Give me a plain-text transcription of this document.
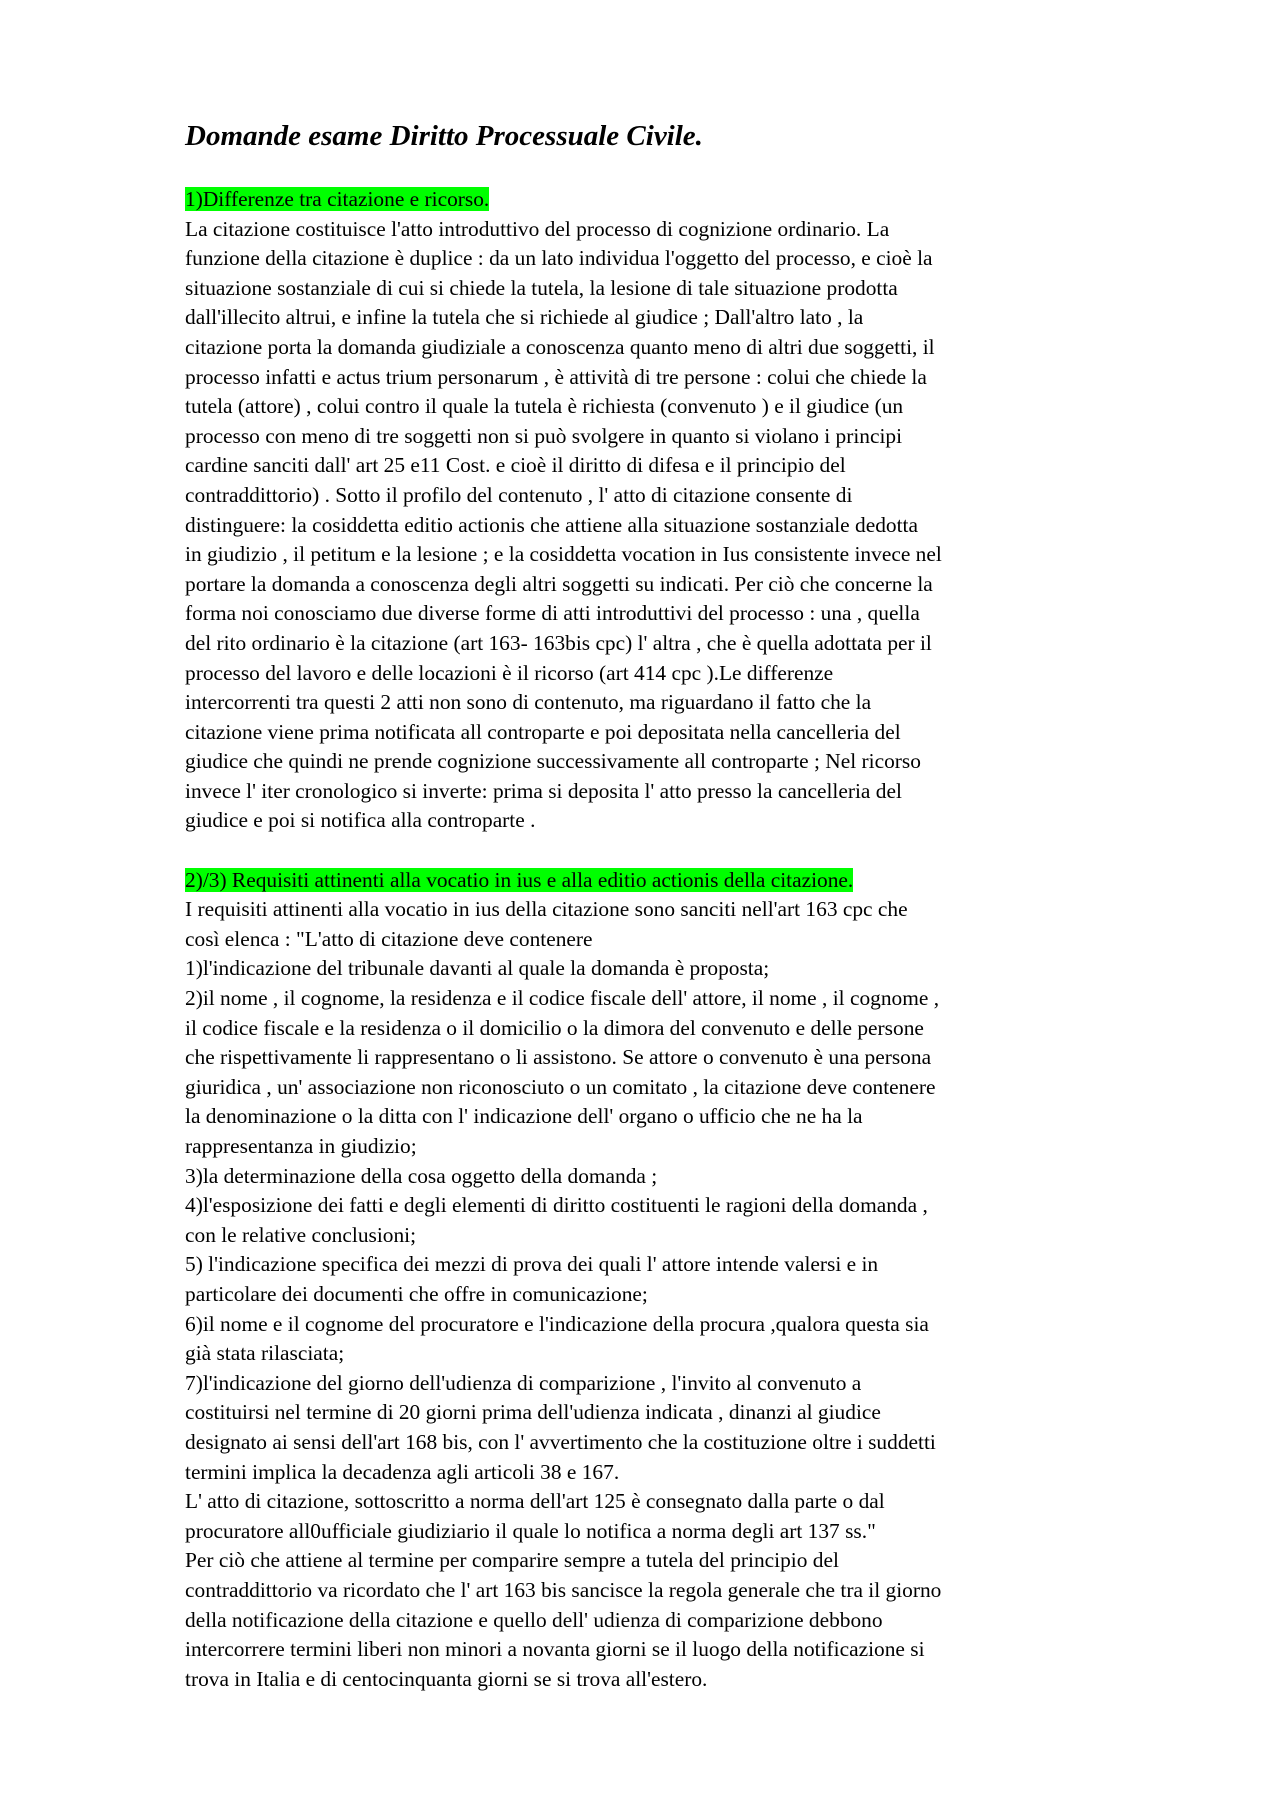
Domande esame Diritto Processuale Civile.
1)Differenze tra citazione e ricorso.
La citazione costituisce l'atto introduttivo del processo di cognizione ordinario. La
funzione della citazione è duplice : da un lato individua l'oggetto del processo, e cioè la
situazione sostanziale di cui si chiede la tutela, la lesione di tale situazione prodotta
dall'illecito altrui, e infine la tutela che si richiede al giudice ; Dall'altro lato , la
citazione porta la domanda giudiziale a conoscenza quanto meno di altri due soggetti, il
processo infatti e actus trium personarum , è attività di tre persone : colui che chiede la
tutela (attore) , colui contro il quale la tutela è richiesta (convenuto ) e il giudice (un
processo con meno di tre soggetti non si può svolgere in quanto si violano i principi
cardine sanciti dall' art 25 e11 Cost. e cioè il diritto di difesa e il principio del
contraddittorio) . Sotto il profilo del contenuto , l' atto di citazione consente di
distinguere: la cosiddetta editio actionis che attiene alla situazione sostanziale dedotta
in giudizio , il petitum e la lesione ; e la cosiddetta vocation in Ius consistente invece nel
portare la domanda a conoscenza degli altri soggetti su indicati. Per ciò che concerne la
forma noi conosciamo due diverse forme di atti introduttivi del processo : una , quella
del rito ordinario è la citazione (art 163- 163bis cpc) l' altra , che è quella adottata per il
processo del lavoro e delle locazioni è il ricorso (art 414 cpc ).Le differenze
intercorrenti tra questi 2 atti non sono di contenuto, ma riguardano il fatto che la
citazione viene prima notificata all controparte e poi depositata nella cancelleria del
giudice che quindi ne prende cognizione successivamente all controparte ; Nel ricorso
invece l' iter cronologico si inverte: prima si deposita l' atto presso la cancelleria del
giudice e poi si notifica alla controparte .
2)/3) Requisiti attinenti alla vocatio in ius e alla editio actionis della citazione.
I requisiti attinenti alla vocatio in ius della citazione sono sanciti nell'art 163 cpc che
così elenca : "L'atto di citazione deve contenere
1)l'indicazione del tribunale davanti al quale la domanda è proposta;
2)il nome , il cognome, la residenza e il codice fiscale dell' attore, il nome , il cognome ,
il codice fiscale e la residenza o il domicilio o la dimora del convenuto e delle persone
che rispettivamente li rappresentano o li assistono. Se attore o convenuto è una persona
giuridica , un' associazione non riconosciuto o un comitato , la citazione deve contenere
la denominazione o la ditta con l' indicazione dell' organo o ufficio che ne ha la
rappresentanza in giudizio;
3)la determinazione della cosa oggetto della domanda ;
4)l'esposizione dei fatti e degli elementi di diritto costituenti le ragioni della domanda ,
con le relative conclusioni;
5) l'indicazione specifica dei mezzi di prova dei quali l' attore intende valersi e in
particolare dei documenti che offre in comunicazione;
6)il nome e il cognome del procuratore e l'indicazione della procura ,qualora questa sia
già stata rilasciata;
7)l'indicazione del giorno dell'udienza di comparizione , l'invito al convenuto a
costituirsi nel termine di 20 giorni prima dell'udienza indicata , dinanzi al giudice
designato ai sensi dell'art 168 bis, con l' avvertimento che la costituzione oltre i suddetti
termini implica la decadenza agli articoli 38 e 167.
L' atto di citazione, sottoscritto a norma dell'art 125 è consegnato dalla parte o dal
procuratore all0ufficiale giudiziario il quale lo notifica a norma degli art 137 ss."
Per ciò che attiene al termine per comparire sempre a tutela del principio del
contraddittorio va ricordato che l' art 163 bis sancisce la regola generale che tra il giorno
della notificazione della citazione e quello dell' udienza di comparizione debbono
intercorrere termini liberi non minori a novanta giorni se il luogo della notificazione si
trova in Italia e di centocinquanta giorni se si trova all'estero.
